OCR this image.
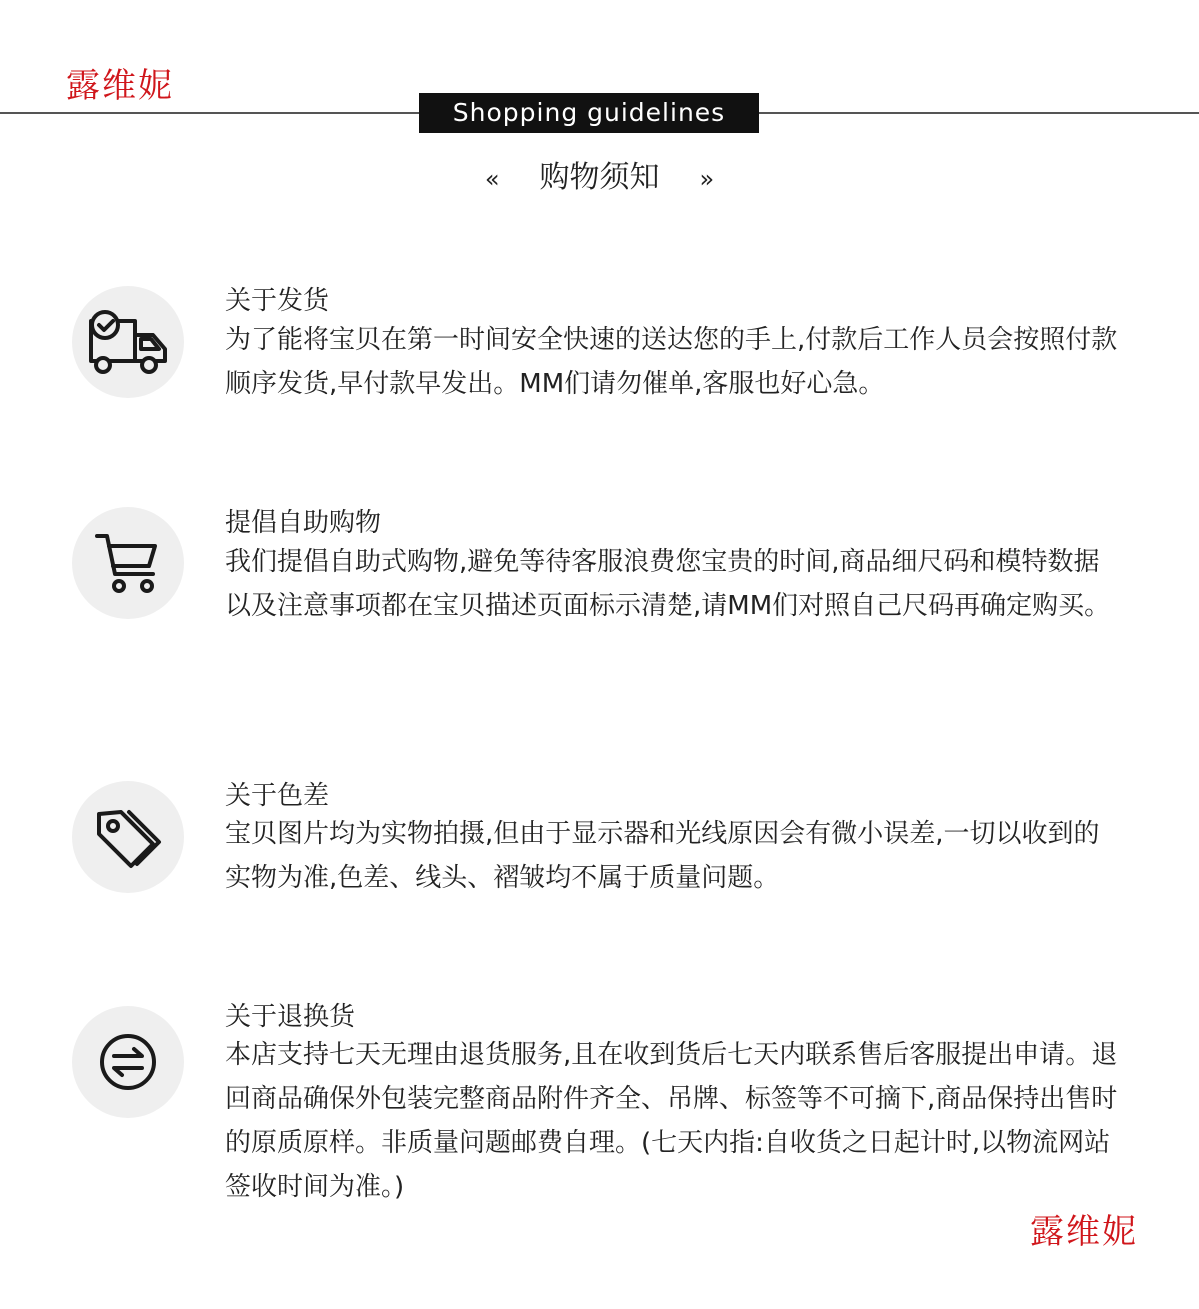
露维妮
Shopping guidelines
« 购物须知 »
关于发货
为了能将宝贝在第一时间安全快速的送达您的手上,付款后工作人员会按照付款顺序发货,早付款早发出。MM们请勿催单,客服也好心急。
提倡自助购物
我们提倡自助式购物,避免等待客服浪费您宝贵的时间,商品细尺码和模特数据以及注意事项都在宝贝描述页面标示清楚,请MM们对照自己尺码再确定购买。
关于色差
宝贝图片均为实物拍摄,但由于显示器和光线原因会有微小误差,一切以收到的实物为准,色差、线头、褶皱均不属于质量问题。
关于退换货
本店支持七天无理由退货服务,且在收到货后七天内联系售后客服提出申请。退回商品确保外包装完整商品附件齐全、吊牌、标签等不可摘下,商品保持出售时的原质原样。非质量问题邮费自理。(七天内指:自收货之日起计时,以物流网站签收时间为准。)
露维妮
